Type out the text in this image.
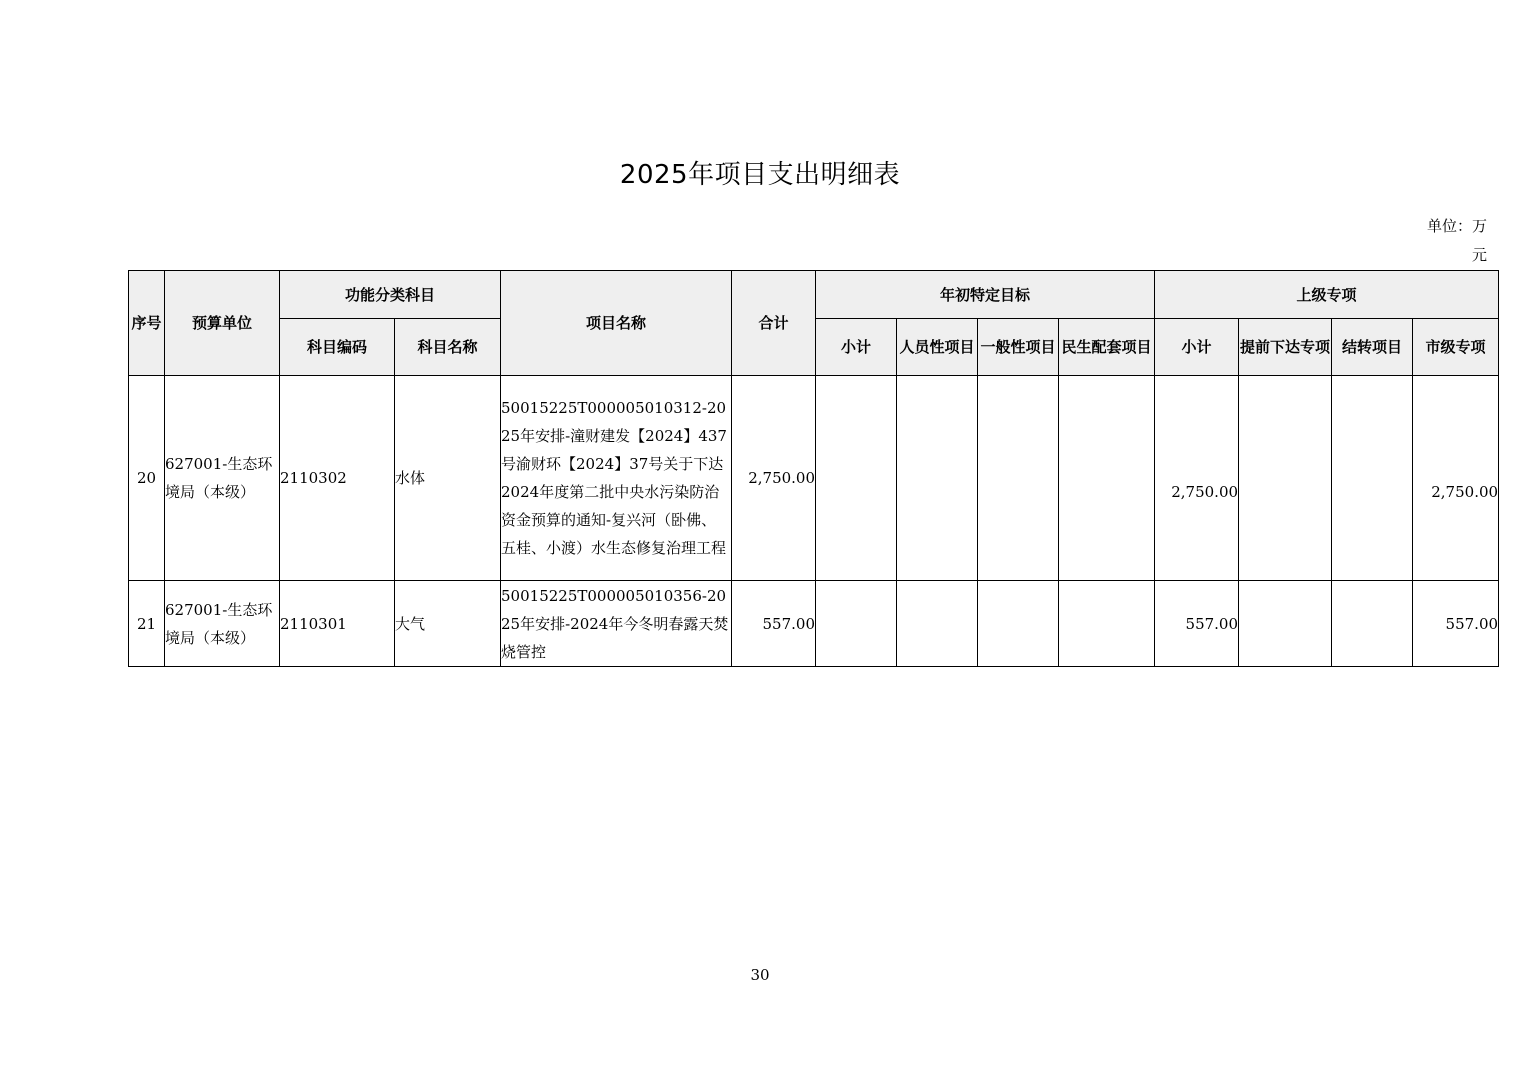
2025年项目支出明细表
单位：万元
序号	预算单位	功能分类科目		项目名称	合计	年初特定目标				上级专项			
		科目编码	科目名称			小计	人员性项目	一般性项目	民生配套项目	小计	提前下达专项	结转项目	市级专项
20	627001-生态环境局（本级）	2110302	水体	50015225T000005010312-2025年安排-潼财建发【2024】437号渝财环【2024】37号关于下达2024年度第二批中央水污染防治资金预算的通知-复兴河（卧佛、五桂、小渡）水生态修复治理工程	2,750.00					2,750.00			2,750.00
21	627001-生态环境局（本级）	2110301	大气	50015225T000005010356-2025年安排-2024年今冬明春露天焚烧管控	557.00					557.00			557.00
30
